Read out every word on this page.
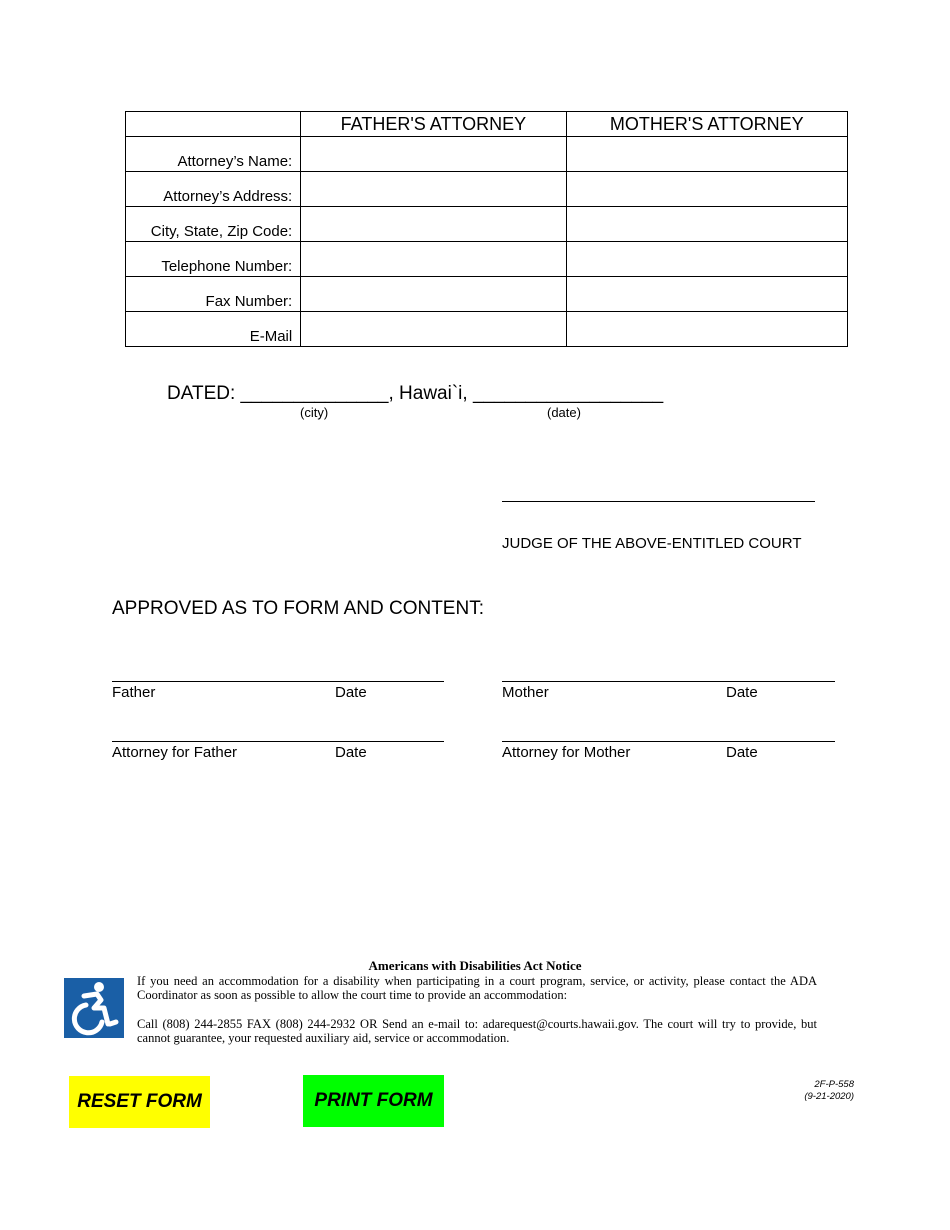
	FATHER'S ATTORNEY	MOTHER'S ATTORNEY
Attorney’s Name:		
Attorney’s Address:		
City, State, Zip Code:		
Telephone Number:		
Fax Number:		
E-Mail		
DATED: ______________, Hawai`i, __________________
(city)	(date)
JUDGE OF THE ABOVE-ENTITLED COURT
APPROVED AS TO FORM AND CONTENT:
Father	Date	Mother	Date
Attorney for Father	Date	Attorney for Mother	Date
Americans with Disabilities Act Notice
If you need an accommodation for a disability when participating in a court program, service, or activity, please contact the ADA Coordinator as soon as possible to allow the court time to provide an accommodation:
Call (808) 244-2855 FAX (808) 244-2932 OR Send an e-mail to: adarequest@courts.hawaii.gov. The court will try to provide, but cannot guarantee, your requested auxiliary aid, service or accommodation.
RESET FORM	PRINT FORM
2F-P-558
(9-21-2020)
